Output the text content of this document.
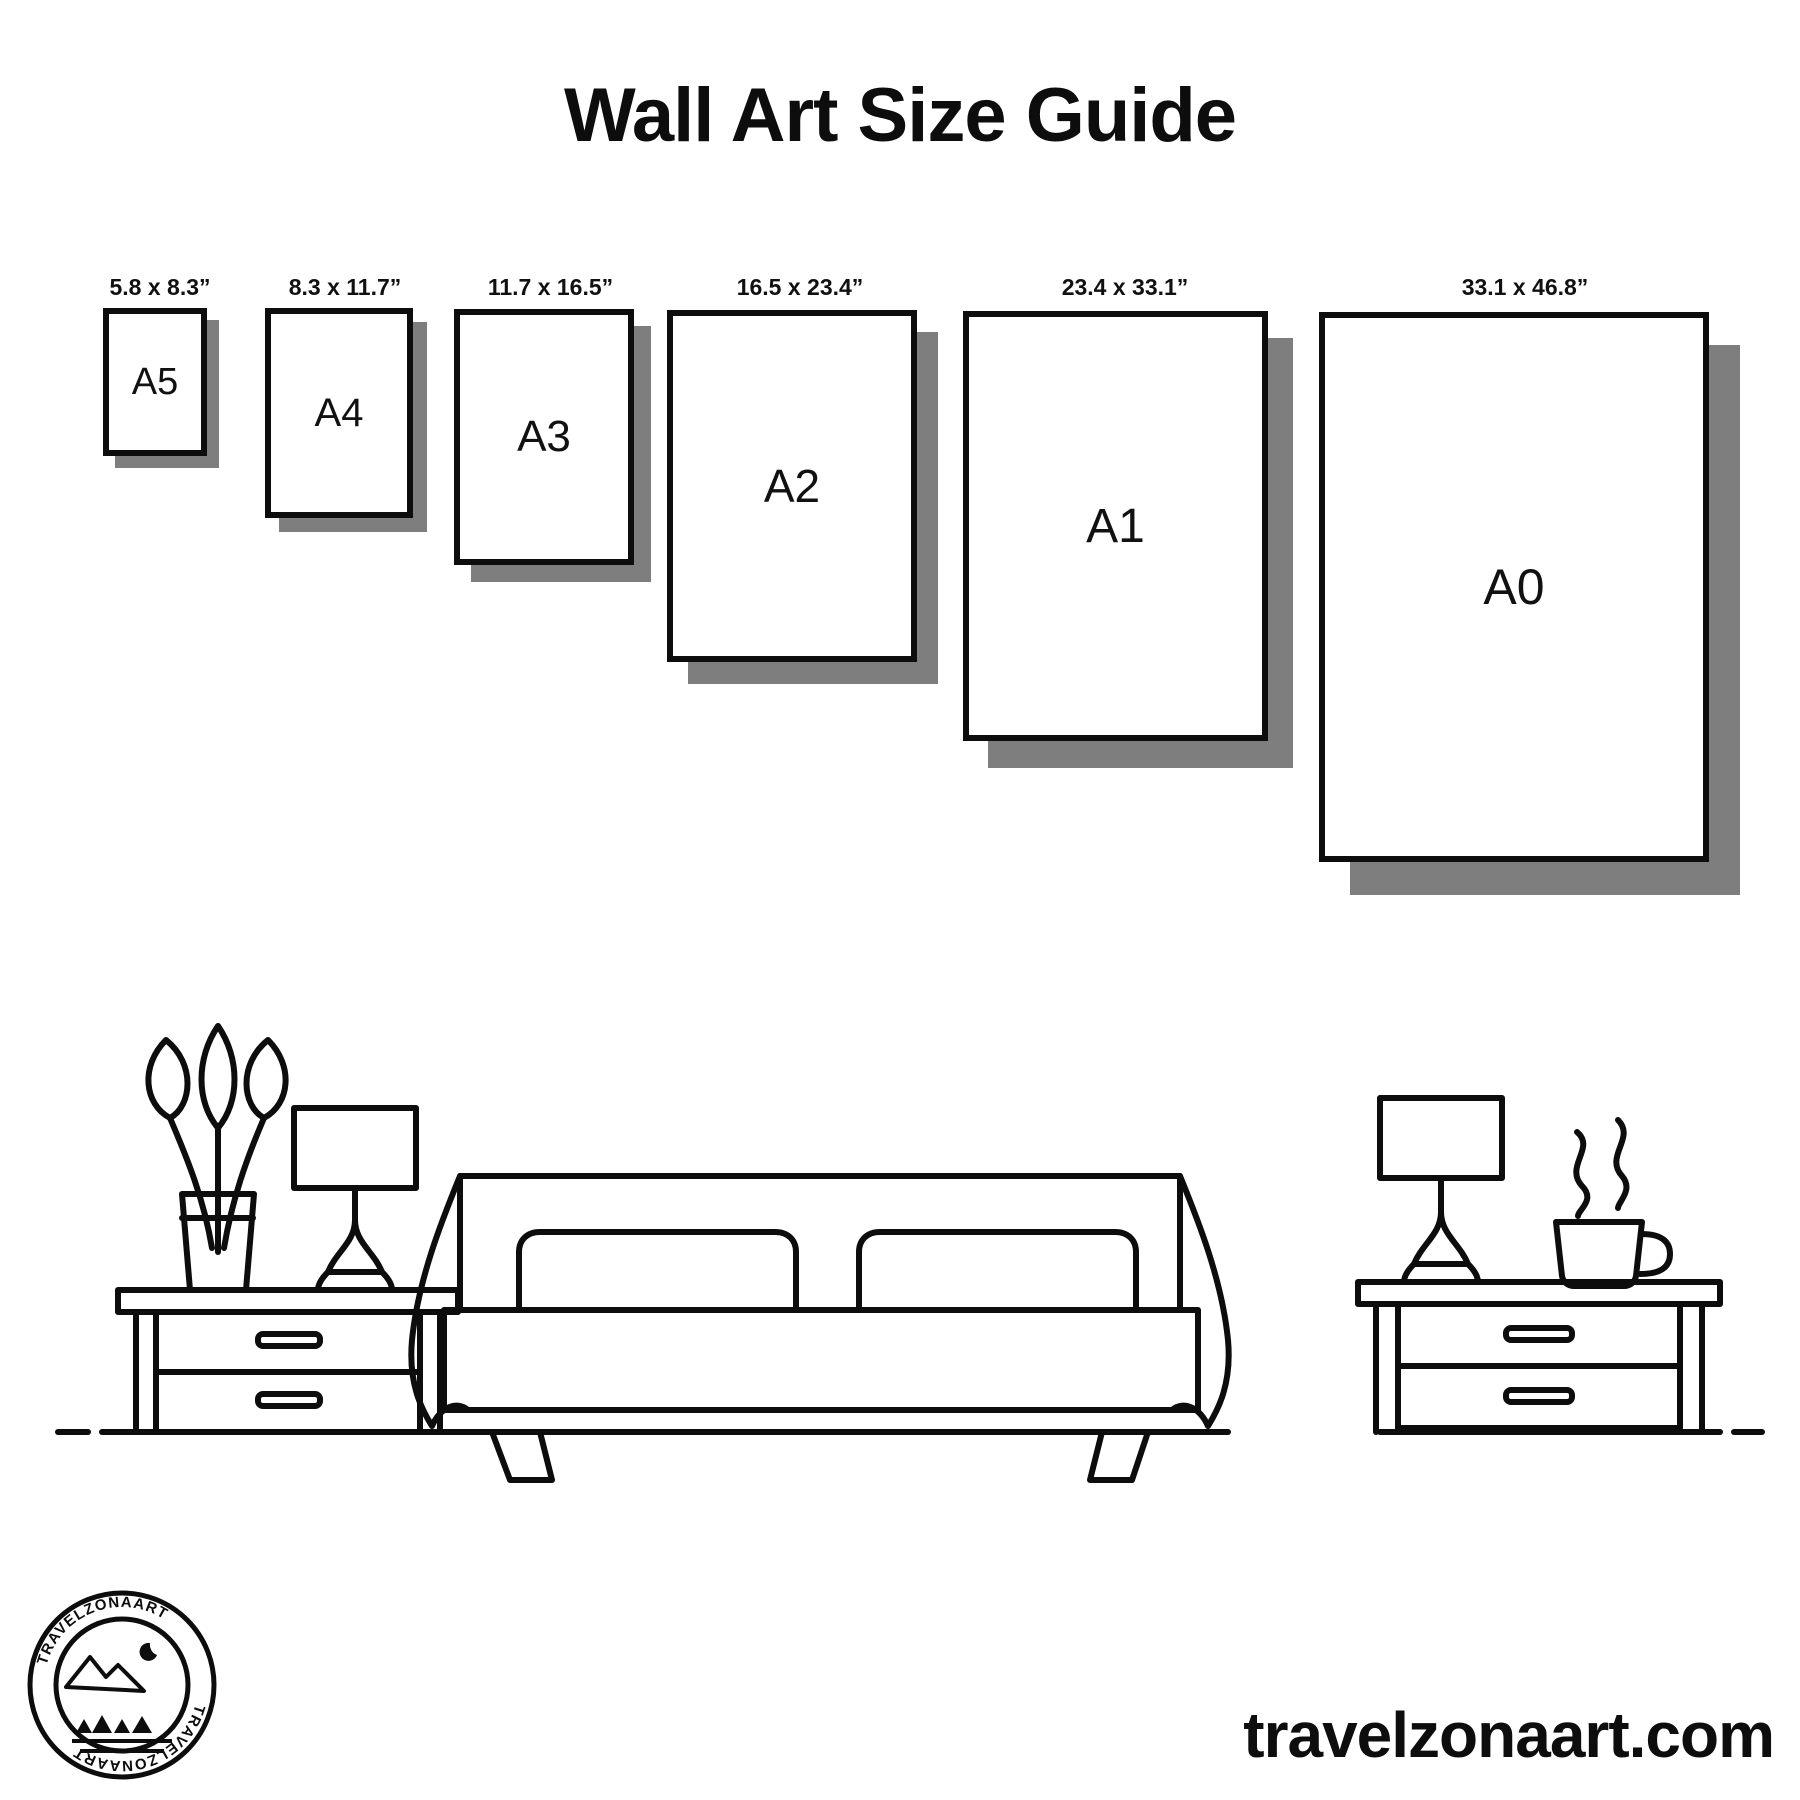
Wall Art Size Guide
5.8 x 8.3”
A5
8.3 x 11.7”
A4
11.7 x 16.5”
A3
16.5 x 23.4”
A2
23.4 x 33.1”
A1
33.1 x 46.8”
A0
TRAVELZONAART
TRAVELZONAART	travelzonaart.com
